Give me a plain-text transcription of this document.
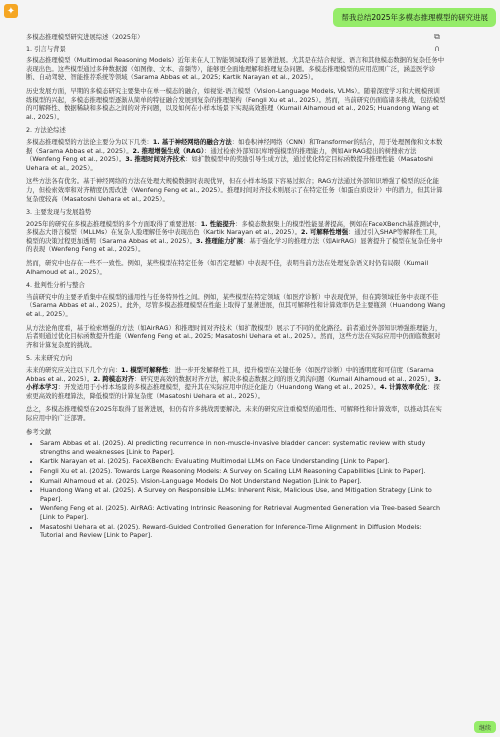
✦
帮我总结2025年多模态推理模型的研究进展
⧉
∩

多模态推理模型研究进展综述（2025年）

1. 引言与背景

多模态推理模型（Multimodal Reasoning Models）近年来在人工智能领域取得了显著进展。尤其是在结合视觉、语言和其他模态数据的复杂任务中表现出色。这些模型通过多种数据源（如图像、文本、音频等），能够更全面地理解和推理复杂问题。多模态推理模型的应用范围广泛，涵盖医学诊断、自动驾驶、智能推荐系统等领域（Sarama Abbas et al., 2025; Kartik Narayan et al., 2025）。

历史发展方面，早期的多模态研究主要集中在单一模态的融合，如视觉-语言模型（Vision-Language Models, VLMs）。随着深度学习和大规模预训练模型的兴起，多模态推理模型逐渐从简单的特征融合发展到复杂的推理架构（Fengli Xu et al., 2025）。然而，当前研究仍面临诸多挑战，包括模型的可解释性、数据稀缺和多模态之间的对齐问题，以及如何在小样本场景下实现高效推理（Kumail Alhamoud et al., 2025; Huandong Wang et al., 2025）。

2. 方法论综述

多模态推理模型的方法论主要分为以下几类：1. 基于神经网络的融合方法：如卷积神经网络（CNN）和Transformer的结合，用于处理图像和文本数据（Sarama Abbas et al., 2025）。2. 推理增强生成（RAG）：通过检索外部知识库增强模型的推理能力，例如AirRAG提出的树搜索方法（Wenfeng Feng et al., 2025）。3. 推理时间对齐技术：如扩散模型中的奖励引导生成方法，通过优化特定目标函数提升推理性能（Masatoshi Uehara et al., 2025）。

这些方法各有优劣。基于神经网络的方法在处理大规模数据时表现优异，但在小样本场景下容易过拟合；RAG方法通过外部知识增强了模型的泛化能力，但检索效率和对齐精度仍需改进（Wenfeng Feng et al., 2025）。推理时间对齐技术则展示了在特定任务（如蛋白质设计）中的潜力，但其计算复杂度较高（Masatoshi Uehara et al., 2025）。

3. 主要发现与发展趋势

2025年的研究在多模态推理模型的多个方面取得了重要进展：1. 性能提升：多模态数据集上的模型性能显著提高，例如在FaceXBench基准测试中，多模态大语言模型（MLLMs）在复杂人脸理解任务中表现出色（Kartik Narayan et al., 2025）。2. 可解释性增强：通过引入SHAP等解释性工具，模型的决策过程更加透明（Sarama Abbas et al., 2025）。3. 推理能力扩展：基于强化学习的推理方法（如AirRAG）显著提升了模型在复杂任务中的表现（Wenfeng Feng et al., 2025）。

然而，研究中也存在一些不一致性。例如，某些模型在特定任务（如否定理解）中表现不佳，表明当前方法在处理复杂语义时仍有局限（Kumail Alhamoud et al., 2025）。

4. 批判性分析与整合

当前研究中的主要矛盾集中在模型的通用性与任务特异性之间。例如，某些模型在特定领域（如医疗诊断）中表现优异，但在跨领域任务中表现不佳（Sarama Abbas et al., 2025）。此外，尽管多模态推理模型在性能上取得了显著进展，但其可解释性和计算效率仍是主要瓶颈（Huandong Wang et al., 2025）。

从方法论角度看，基于检索增强的方法（如AirRAG）和推理时间对齐技术（如扩散模型）展示了不同的优化路径。前者通过外部知识增强推理能力，后者则通过优化目标函数提升性能（Wenfeng Feng et al., 2025; Masatoshi Uehara et al., 2025）。然而，这些方法在实际应用中仍面临数据对齐和计算复杂度的挑战。

5. 未来研究方向

未来的研究应关注以下几个方向：1. 模型可解释性：进一步开发解释性工具，提升模型在关键任务（如医疗诊断）中的透明度和可信度（Sarama Abbas et al., 2025）。2. 跨模态对齐：研究更高效的数据对齐方法，解决多模态数据之间的语义鸿沟问题（Kumail Alhamoud et al., 2025）。3. 小样本学习：开发适用于小样本场景的多模态推理模型，提升其在实际应用中的泛化能力（Huandong Wang et al., 2025）。4. 计算效率优化：探索更高效的推理算法，降低模型的计算复杂度（Masatoshi Uehara et al., 2025）。

总之，多模态推理模型在2025年取得了显著进展，但仍有许多挑战需要解决。未来的研究应注重模型的通用性、可解释性和计算效率，以推动其在实际应用中的广泛部署。

参考文献

• Saram Abbas et al. (2025). AI predicting recurrence in non-muscle-invasive bladder cancer: systematic review with study strengths and weaknesses [Link to Paper].
• Kartik Narayan et al. (2025). FaceXBench: Evaluating Multimodal LLMs on Face Understanding [Link to Paper].
• Fengli Xu et al. (2025). Towards Large Reasoning Models: A Survey on Scaling LLM Reasoning Capabilities [Link to Paper].
• Kumail Alhamoud et al. (2025). Vision-Language Models Do Not Understand Negation [Link to Paper].
• Huandong Wang et al. (2025). A Survey on Responsible LLMs: Inherent Risk, Malicious Use, and Mitigation Strategy [Link to Paper].
• Wenfeng Feng et al. (2025). AirRAG: Activating Intrinsic Reasoning for Retrieval Augmented Generation via Tree-based Search [Link to Paper].
• Masatoshi Uehara et al. (2025). Reward-Guided Controlled Generation for Inference-Time Alignment in Diffusion Models: Tutorial and Review [Link to Paper].
继续
